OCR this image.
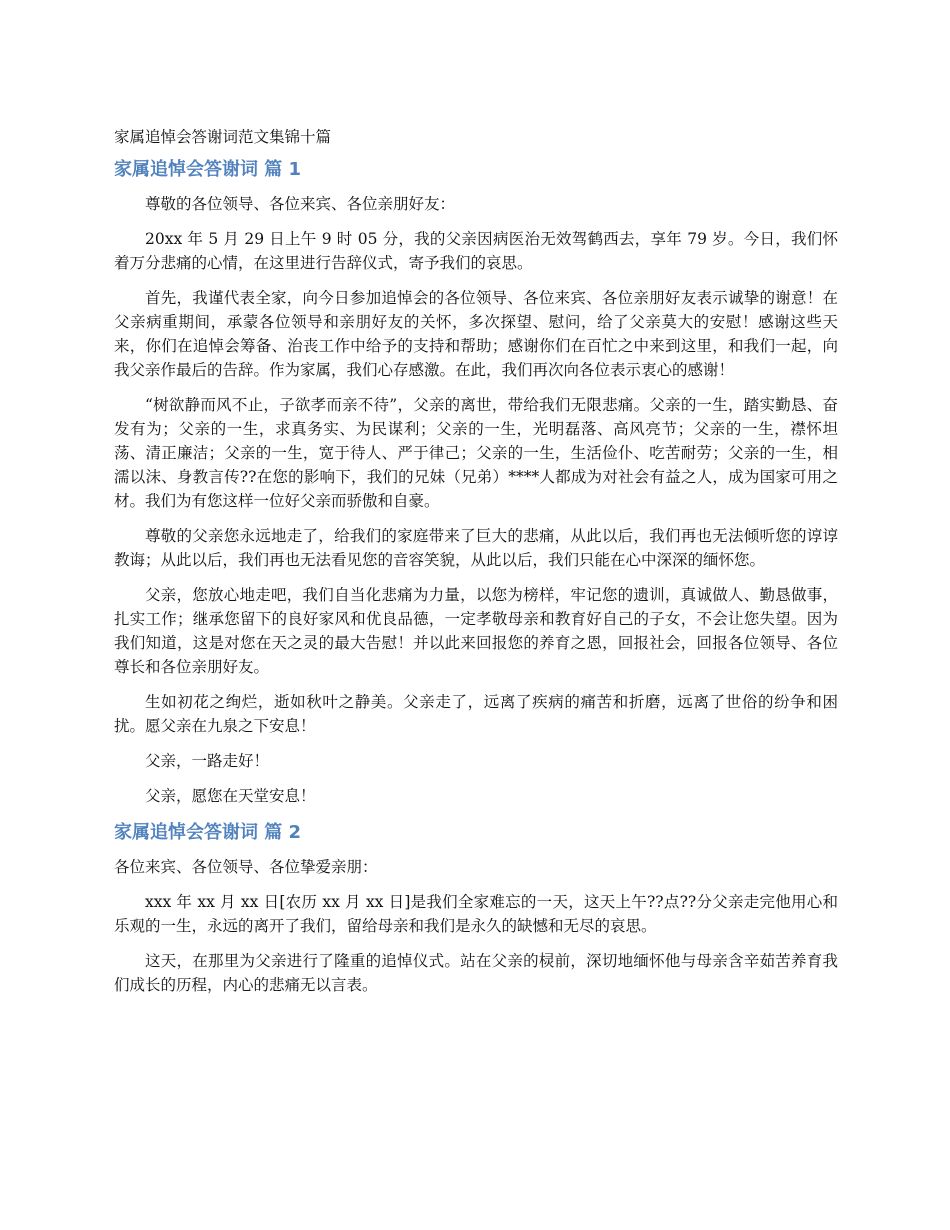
家属追悼会答谢词范文集锦十篇
家属追悼会答谢词 篇 1

尊敬的各位领导、各位来宾、各位亲朋好友：

20xx 年 5 月 29 日上午 9 时 05 分，我的父亲因病医治无效驾鹤西去，享年 79 岁。今日，我们怀着万分悲痛的心情，在这里进行告辞仪式，寄予我们的哀思。

首先，我谨代表全家，向今日参加追悼会的各位领导、各位来宾、各位亲朋好友表示诚挚的谢意！在父亲病重期间，承蒙各位领导和亲朋好友的关怀，多次探望、慰问，给了父亲莫大的安慰！感谢这些天来，你们在追悼会筹备、治丧工作中给予的支持和帮助；感谢你们在百忙之中来到这里，和我们一起，向我父亲作最后的告辞。作为家属，我们心存感激。在此，我们再次向各位表示衷心的感谢！

“树欲静而风不止，子欲孝而亲不待”，父亲的离世，带给我们无限悲痛。父亲的一生，踏实勤恳、奋发有为；父亲的一生，求真务实、为民谋利；父亲的一生，光明磊落、高风亮节；父亲的一生，襟怀坦荡、清正廉洁；父亲的一生，宽于待人、严于律己；父亲的一生，生活俭仆、吃苦耐劳；父亲的一生，相濡以沫、身教言传??在您的影响下，我们的兄妹（兄弟）****人都成为对社会有益之人，成为国家可用之材。我们为有您这样一位好父亲而骄傲和自豪。

尊敬的父亲您永远地走了，给我们的家庭带来了巨大的悲痛，从此以后，我们再也无法倾听您的谆谆教诲；从此以后，我们再也无法看见您的音容笑貌，从此以后，我们只能在心中深深的缅怀您。

父亲，您放心地走吧，我们自当化悲痛为力量，以您为榜样，牢记您的遗训，真诚做人、勤恳做事，扎实工作；继承您留下的良好家风和优良品德，一定孝敬母亲和教育好自己的子女，不会让您失望。因为我们知道，这是对您在天之灵的最大告慰！并以此来回报您的养育之恩，回报社会，回报各位领导、各位尊长和各位亲朋好友。

生如初花之绚烂，逝如秋叶之静美。父亲走了，远离了疾病的痛苦和折磨，远离了世俗的纷争和困扰。愿父亲在九泉之下安息！

父亲，一路走好！

父亲，愿您在天堂安息！

家属追悼会答谢词 篇 2

各位来宾、各位领导、各位挚爱亲朋：

xxx 年 xx 月 xx 日[农历 xx 月 xx 日]是我们全家难忘的一天，这天上午??点??分父亲走完他用心和乐观的一生，永远的离开了我们，留给母亲和我们是永久的缺憾和无尽的哀思。

这天，在那里为父亲进行了隆重的追悼仪式。站在父亲的棂前，深切地缅怀他与母亲含辛茹苦养育我们成长的历程，内心的悲痛无以言表。
